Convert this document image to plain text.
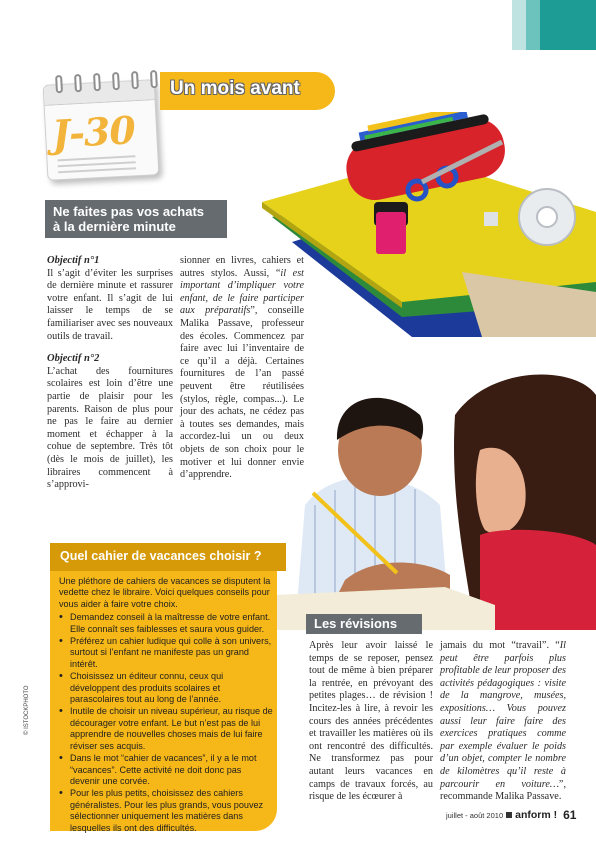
J-30
Un mois avant
Ne faites pas vos achats
à la dernière minute
Objectif n°1

Il s’agit d’éviter les surprises de dernière minute et rassurer votre enfant. Il s’agit de lui laisser le temps de se familiariser avec ses nouveaux outils de travail.

Objectif n°2

L’achat des fournitures scolaires est loin d’être une partie de plaisir pour les parents. Raison de plus pour ne pas le faire au dernier moment et échapper à la cohue de septembre. Très tôt (dès le mois de juillet), les libraires commencent à s’approvi-

sionner en livres, cahiers et autres stylos. Aussi, “il est important d’impliquer votre enfant, de le faire participer aux préparatifs”, conseille Malika Passave, professeur des écoles. Commencez par faire avec lui l’inventaire de ce qu’il a déjà. Certaines fournitures de l’an passé peuvent être réutilisées (stylos, règle, compas...). Le jour des achats, ne cédez pas à toutes ses demandes, mais accordez-lui un ou deux objets de son choix pour le motiver et lui donner envie d’apprendre.

Quel cahier de vacances choisir ?

Une pléthore de cahiers de vacances se disputent la vedette chez le libraire. Voici quelques conseils pour vous aider à faire votre choix.

• Demandez conseil à la maîtresse de votre enfant. Elle connaît ses faiblesses et saura vous guider.
• Préférez un cahier ludique qui colle à son univers, surtout si l’enfant ne manifeste pas un grand intérêt.
• Choisissez un éditeur connu, ceux qui développent des produits scolaires et parascolaires tout au long de l’année.
• Inutile de choisir un niveau supérieur, au risque de décourager votre enfant. Le but n’est pas de lui apprendre de nouvelles choses mais de lui faire réviser ses acquis.
• Dans le mot “cahier de vacances”, il y a le mot “vacances”. Cette activité ne doit donc pas devenir une corvée.
• Pour les plus petits, choisissez des cahiers généralistes. Pour les plus grands, vous pouvez sélectionner uniquement les matières dans lesquelles ils ont des difficultés.
© ISTOCKPHOTO
Les révisions

Après leur avoir laissé le temps de se reposer, pensez tout de même à bien préparer la rentrée, en prévoyant des petites plages… de révision ! Incitez-les à lire, à revoir les cours des années précédentes et travailler les matières où ils ont rencontré des difficultés. Ne transformez pas pour autant leurs vacances en camps de travaux forcés, au risque de les écœurer à

jamais du mot “travail”. “Il peut être parfois plus profitable de leur proposer des activités pédagogiques : visite de la mangrove, musées, expositions… Vous pouvez aussi leur faire faire des exercices pratiques comme par exemple évaluer le poids d’un objet, compter le nombre de kilomètres qu’il reste à parcourir en voiture…”, recommande Malika Passave.

juillet - août 2010 anform ! 61
